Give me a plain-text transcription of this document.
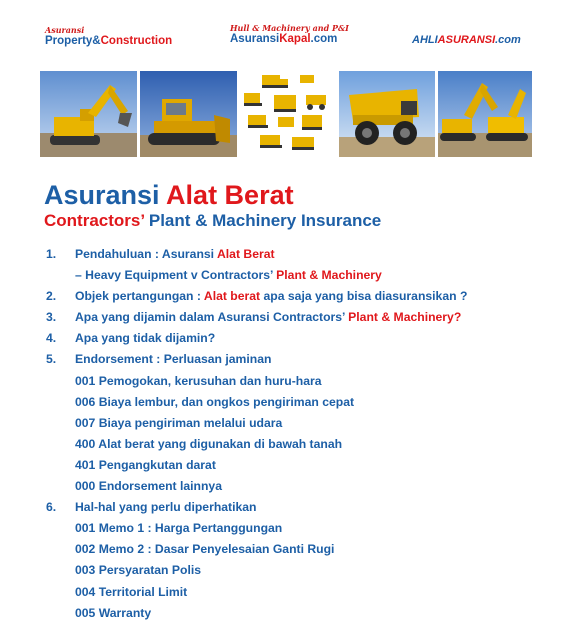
Asuransi
Property&Construction
Hull & Machinery and P&I
AsuransiKapal.com	AHLIASURANSI.com
Asuransi Alat Berat
Contractors’ Plant & Machinery Insurance
1.	Pendahuluan : Asuransi Alat Berat
– Heavy Equipment v Contractors’ Plant & Machinery
2.	Objek pertangungan : Alat berat apa saja yang bisa diasuransikan ?
3.	Apa yang dijamin dalam Asuransi Contractors’ Plant & Machinery?
4.	Apa yang tidak dijamin?
5.	Endorsement : Perluasan jaminan
001 Pemogokan, kerusuhan dan huru-hara
006 Biaya lembur, dan ongkos pengiriman cepat
007 Biaya pengiriman melalui udara
400 Alat berat yang digunakan di bawah tanah
401 Pengangkutan darat
000 Endorsement lainnya
6.	Hal-hal yang perlu diperhatikan
001 Memo 1 : Harga Pertanggungan
002 Memo 2 : Dasar Penyelesaian Ganti Rugi
003 Persyaratan Polis
004 Territorial Limit
005 Warranty
